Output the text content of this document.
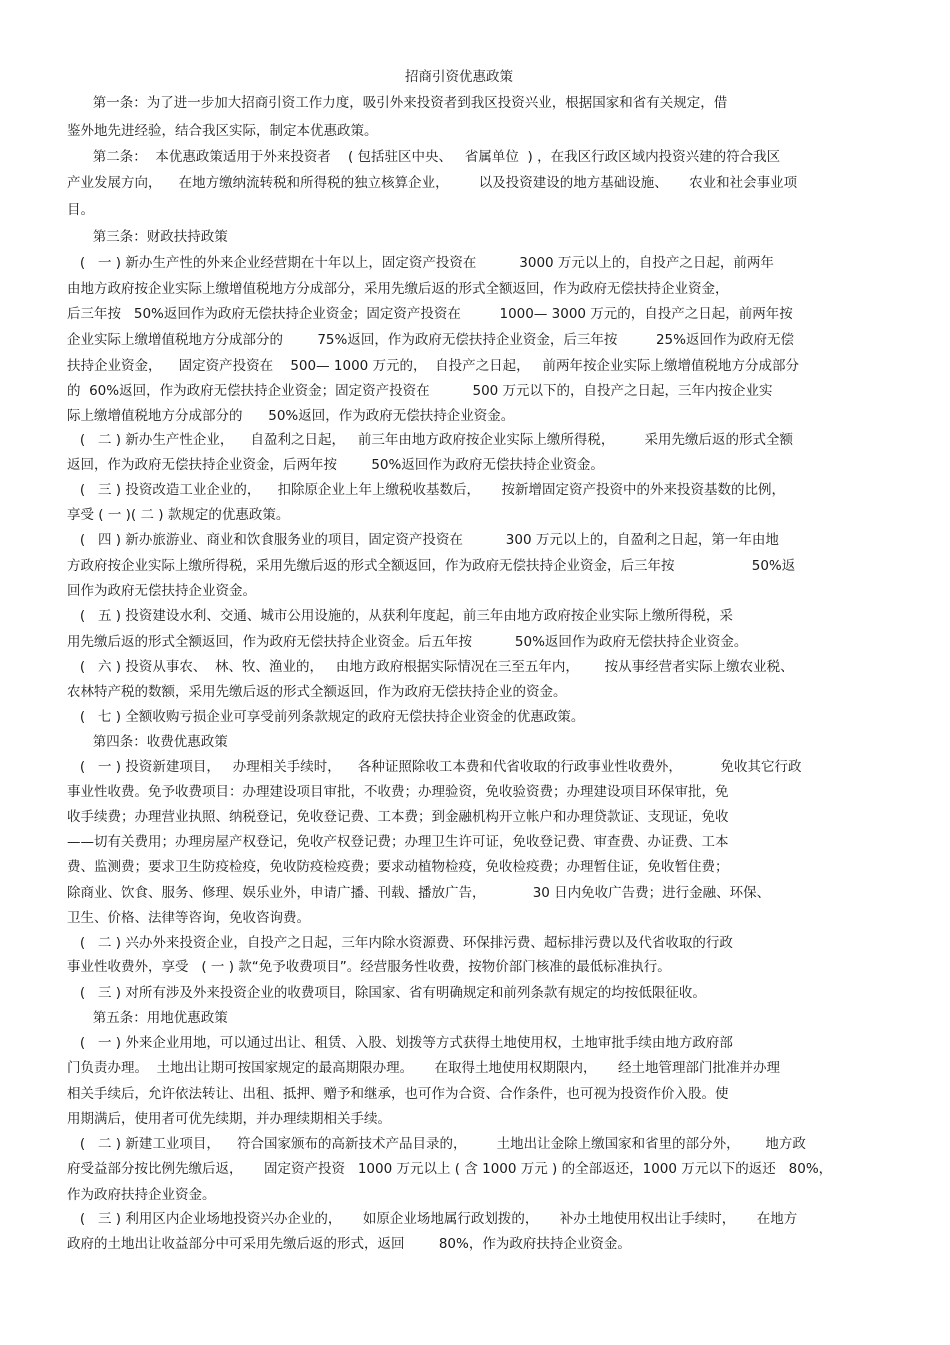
招商引资优惠政策
第一条：为了进一步加大招商引资工作力度，吸引外来投资者到我区投资兴业，根据国家和省有关规定，借
鉴外地先进经验，结合我区实际，制定本优惠政策。
第二条：  本优惠政策适用于外来投资者    ( 包括驻区中央、   省属单位  ) ，在我区行政区域内投资兴建的符合我区
产业发展方向，    在地方缴纳流转税和所得税的独立核算企业，       以及投资建设的地方基础设施、     农业和社会事业项
目。
第三条：财政扶持政策
(   一 ) 新办生产性的外来企业经营期在十年以上，固定资产投资在          3000 万元以上的，自投产之日起，前两年
由地方政府按企业实际上缴增值税地方分成部分，采用先缴后返的形式全额返回，作为政府无偿扶持企业资金，
后三年按   50%返回作为政府无偿扶持企业资金；固定资产投资在         1000— 3000 万元的，自投产之日起，前两年按
企业实际上缴增值税地方分成部分的        75%返回，作为政府无偿扶持企业资金，后三年按         25%返回作为政府无偿
扶持企业资金，    固定资产投资在    500— 1000 万元的，  自投产之日起，   前两年按企业实际上缴增值税地方分成部分
的  60%返回，作为政府无偿扶持企业资金；固定资产投资在          500 万元以下的，自投产之日起，三年内按企业实
际上缴增值税地方分成部分的      50%返回，作为政府无偿扶持企业资金。
(   二 ) 新办生产性企业，    自盈利之日起，   前三年由地方政府按企业实际上缴所得税，       采用先缴后返的形式全额
返回，作为政府无偿扶持企业资金，后两年按        50%返回作为政府无偿扶持企业资金。
(   三 ) 投资改造工业企业的，    扣除原企业上年上缴税收基数后，     按新增固定资产投资中的外来投资基数的比例，
享受 ( 一 )( 二 ) 款规定的优惠政策。
(   四 ) 新办旅游业、商业和饮食服务业的项目，固定资产投资在          300 万元以上的，自盈利之日起，第一年由地
方政府按企业实际上缴所得税，采用先缴后返的形式全额返回，作为政府无偿扶持企业资金，后三年按                  50%返
回作为政府无偿扶持企业资金。
(   五 ) 投资建设水利、交通、城市公用设施的，从获利年度起，前三年由地方政府按企业实际上缴所得税，采
用先缴后返的形式全额返回，作为政府无偿扶持企业资金。后五年按          50%返回作为政府无偿扶持企业资金。
(   六 ) 投资从事农、  林、牧、渔业的，   由地方政府根据实际情况在三至五年内，      按从事经营者实际上缴农业税、
农林特产税的数额，采用先缴后返的形式全额返回，作为政府无偿扶持企业的资金。
(   七 ) 全额收购亏损企业可享受前列条款规定的政府无偿扶持企业资金的优惠政策。
第四条：收费优惠政策
(   一 ) 投资新建项目，   办理相关手续时，    各种证照除收工本费和代省收取的行政事业性收费外，         免收其它行政
事业性收费。免予收费项目：办理建设项目审批，不收费；办理验资，免收验资费；办理建设项目环保审批，免
收手续费；办理营业执照、纳税登记，免收登记费、工本费；到金融机构开立帐户和办理贷款证、支现证，免收
——切有关费用；办理房屋产权登记，免收产权登记费；办理卫生许可证，免收登记费、审查费、办证费、工本
费、监测费；要求卫生防疫检疫，免收防疫检疫费；要求动植物检疫，免收检疫费；办理暂住证，免收暂住费；
除商业、饮食、服务、修理、娱乐业外，申请广播、刊载、播放广告，           30 日内免收广告费；进行金融、环保、
卫生、价格、法律等咨询，免收咨询费。
(   二 ) 兴办外来投资企业，自投产之日起，三年内除水资源费、环保排污费、超标排污费以及代省收取的行政
事业性收费外，享受   ( 一 ) 款“免予收费项目”。经营服务性收费，按物价部门核准的最低标准执行。
(   三 ) 对所有涉及外来投资企业的收费项目，除国家、省有明确规定和前列条款有规定的均按低限征收。
第五条：用地优惠政策
(   一 ) 外来企业用地，可以通过出让、租赁、入股、划拨等方式获得土地使用权，土地审批手续由地方政府部
门负责办理。  土地出让期可按国家规定的最高期限办理。     在取得土地使用权期限内，     经土地管理部门批准并办理
相关手续后，允许依法转让、出租、抵押、赠予和继承，也可作为合资、合作条件，也可视为投资作价入股。使
用期满后，使用者可优先续期，并办理续期相关手续。
(   二 ) 新建工业项目，    符合国家颁布的高新技术产品目录的，       土地出让金除上缴国家和省里的部分外，      地方政
府受益部分按比例先缴后返，     固定资产投资   1000 万元以上 ( 含 1000 万元 ) 的全部返还，1000 万元以下的返还   80%，
作为政府扶持企业资金。
(   三 ) 利用区内企业场地投资兴办企业的，     如原企业场地属行政划拨的，     补办土地使用权出让手续时，     在地方
政府的土地出让收益部分中可采用先缴后返的形式，返回        80%，作为政府扶持企业资金。
